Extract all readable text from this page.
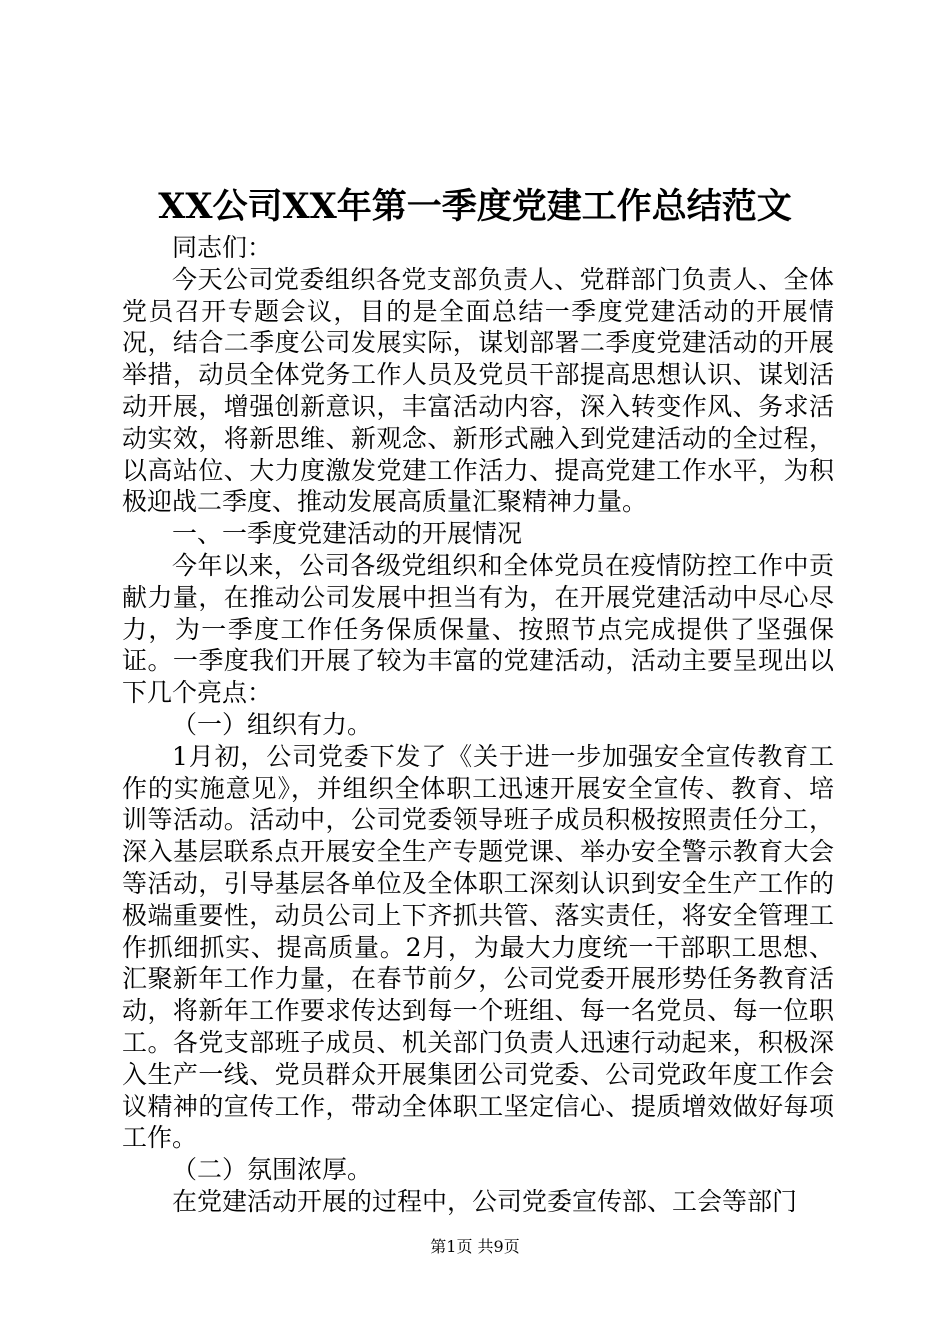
XX公司XX年第一季度党建工作总结范文

同志们：

今天公司党委组织各党支部负责人、党群部门负责人、全体党员召开专题会议，目的是全面总结一季度党建活动的开展情况，结合二季度公司发展实际，谋划部署二季度党建活动的开展举措，动员全体党务工作人员及党员干部提高思想认识、谋划活动开展，增强创新意识，丰富活动内容，深入转变作风、务求活动实效，将新思维、新观念、新形式融入到党建活动的全过程，以高站位、大力度激发党建工作活力、提高党建工作水平，为积极迎战二季度、推动发展高质量汇聚精神力量。

一、一季度党建活动的开展情况

今年以来，公司各级党组织和全体党员在疫情防控工作中贡献力量，在推动公司发展中担当有为，在开展党建活动中尽心尽力，为一季度工作任务保质保量、按照节点完成提供了坚强保证。一季度我们开展了较为丰富的党建活动，活动主要呈现出以下几个亮点：

（一）组织有力。

1月初，公司党委下发了《关于进一步加强安全宣传教育工作的实施意见》，并组织全体职工迅速开展安全宣传、教育、培训等活动。活动中，公司党委领导班子成员积极按照责任分工，深入基层联系点开展安全生产专题党课、举办安全警示教育大会等活动，引导基层各单位及全体职工深刻认识到安全生产工作的极端重要性，动员公司上下齐抓共管、落实责任，将安全管理工作抓细抓实、提高质量。2月，为最大力度统一干部职工思想、汇聚新年工作力量，在春节前夕，公司党委开展形势任务教育活动，将新年工作要求传达到每一个班组、每一名党员、每一位职工。各党支部班子成员、机关部门负责人迅速行动起来，积极深入生产一线、党员群众开展集团公司党委、公司党政年度工作会议精神的宣传工作，带动全体职工坚定信心、提质增效做好每项工作。

（二）氛围浓厚。

在党建活动开展的过程中，公司党委宣传部、工会等部门

第1页 共9页
